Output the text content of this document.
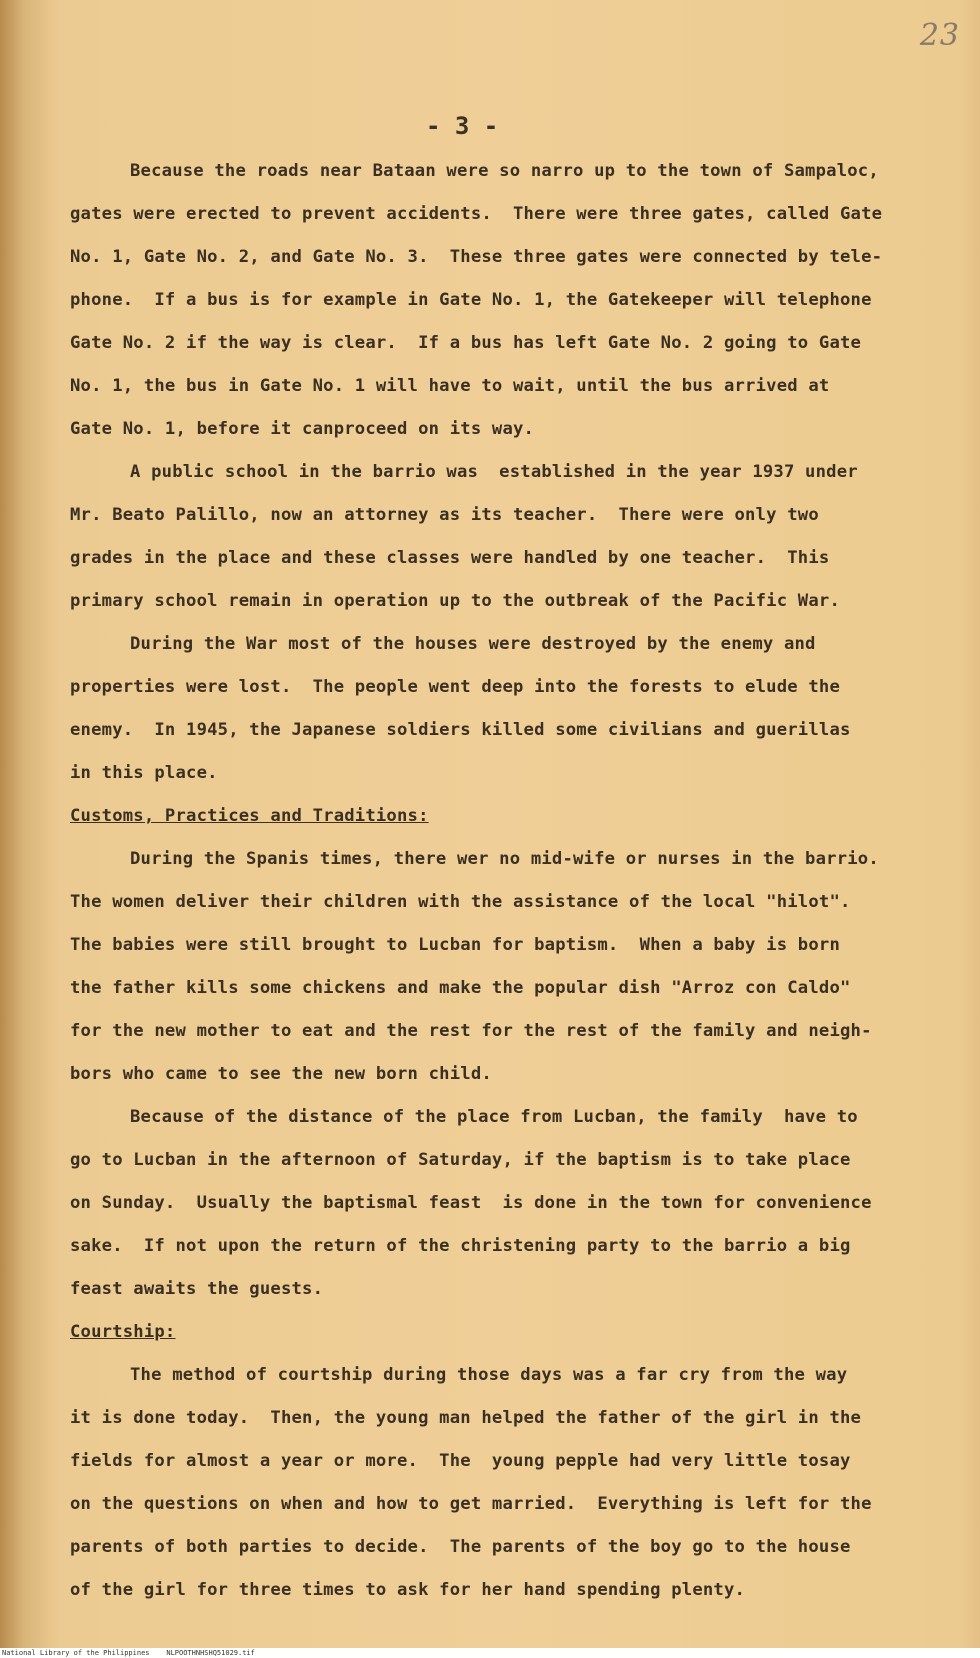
23
- 3 -
Because the roads near Bataan were so narro up to the town of Sampaloc,
gates were erected to prevent accidents.  There were three gates, called Gate
No. 1, Gate No. 2, and Gate No. 3.  These three gates were connected by tele-
phone.  If a bus is for example in Gate No. 1, the Gatekeeper will telephone
Gate No. 2 if the way is clear.  If a bus has left Gate No. 2 going to Gate
No. 1, the bus in Gate No. 1 will have to wait, until the bus arrived at
Gate No. 1, before it canproceed on its way.
A public school in the barrio was  established in the year 1937 under
Mr. Beato Palillo, now an attorney as its teacher.  There were only two
grades in the place and these classes were handled by one teacher.  This
primary school remain in operation up to the outbreak of the Pacific War.
During the War most of the houses were destroyed by the enemy and
properties were lost.  The people went deep into the forests to elude the
enemy.  In 1945, the Japanese soldiers killed some civilians and guerillas
in this place.
Customs, Practices and Traditions:
During the Spanis times, there wer no mid-wife or nurses in the barrio.
The women deliver their children with the assistance of the local "hilot".
The babies were still brought to Lucban for baptism.  When a baby is born
the father kills some chickens and make the popular dish "Arroz con Caldo"
for the new mother to eat and the rest for the rest of the family and neigh-
bors who came to see the new born child.
Because of the distance of the place from Lucban, the family  have to
go to Lucban in the afternoon of Saturday, if the baptism is to take place
on Sunday.  Usually the baptismal feast  is done in the town for convenience
sake.  If not upon the return of the christening party to the barrio a big
feast awaits the guests.
Courtship:
The method of courtship during those days was a far cry from the way
it is done today.  Then, the young man helped the father of the girl in the
fields for almost a year or more.  The  young pepple had very little tosay
on the questions on when and how to get married.  Everything is left for the
parents of both parties to decide.  The parents of the boy go to the house
of the girl for three times to ask for her hand spending plenty.
National Library of the Philippines    NLPOOTHNHSHQ51029.tif
